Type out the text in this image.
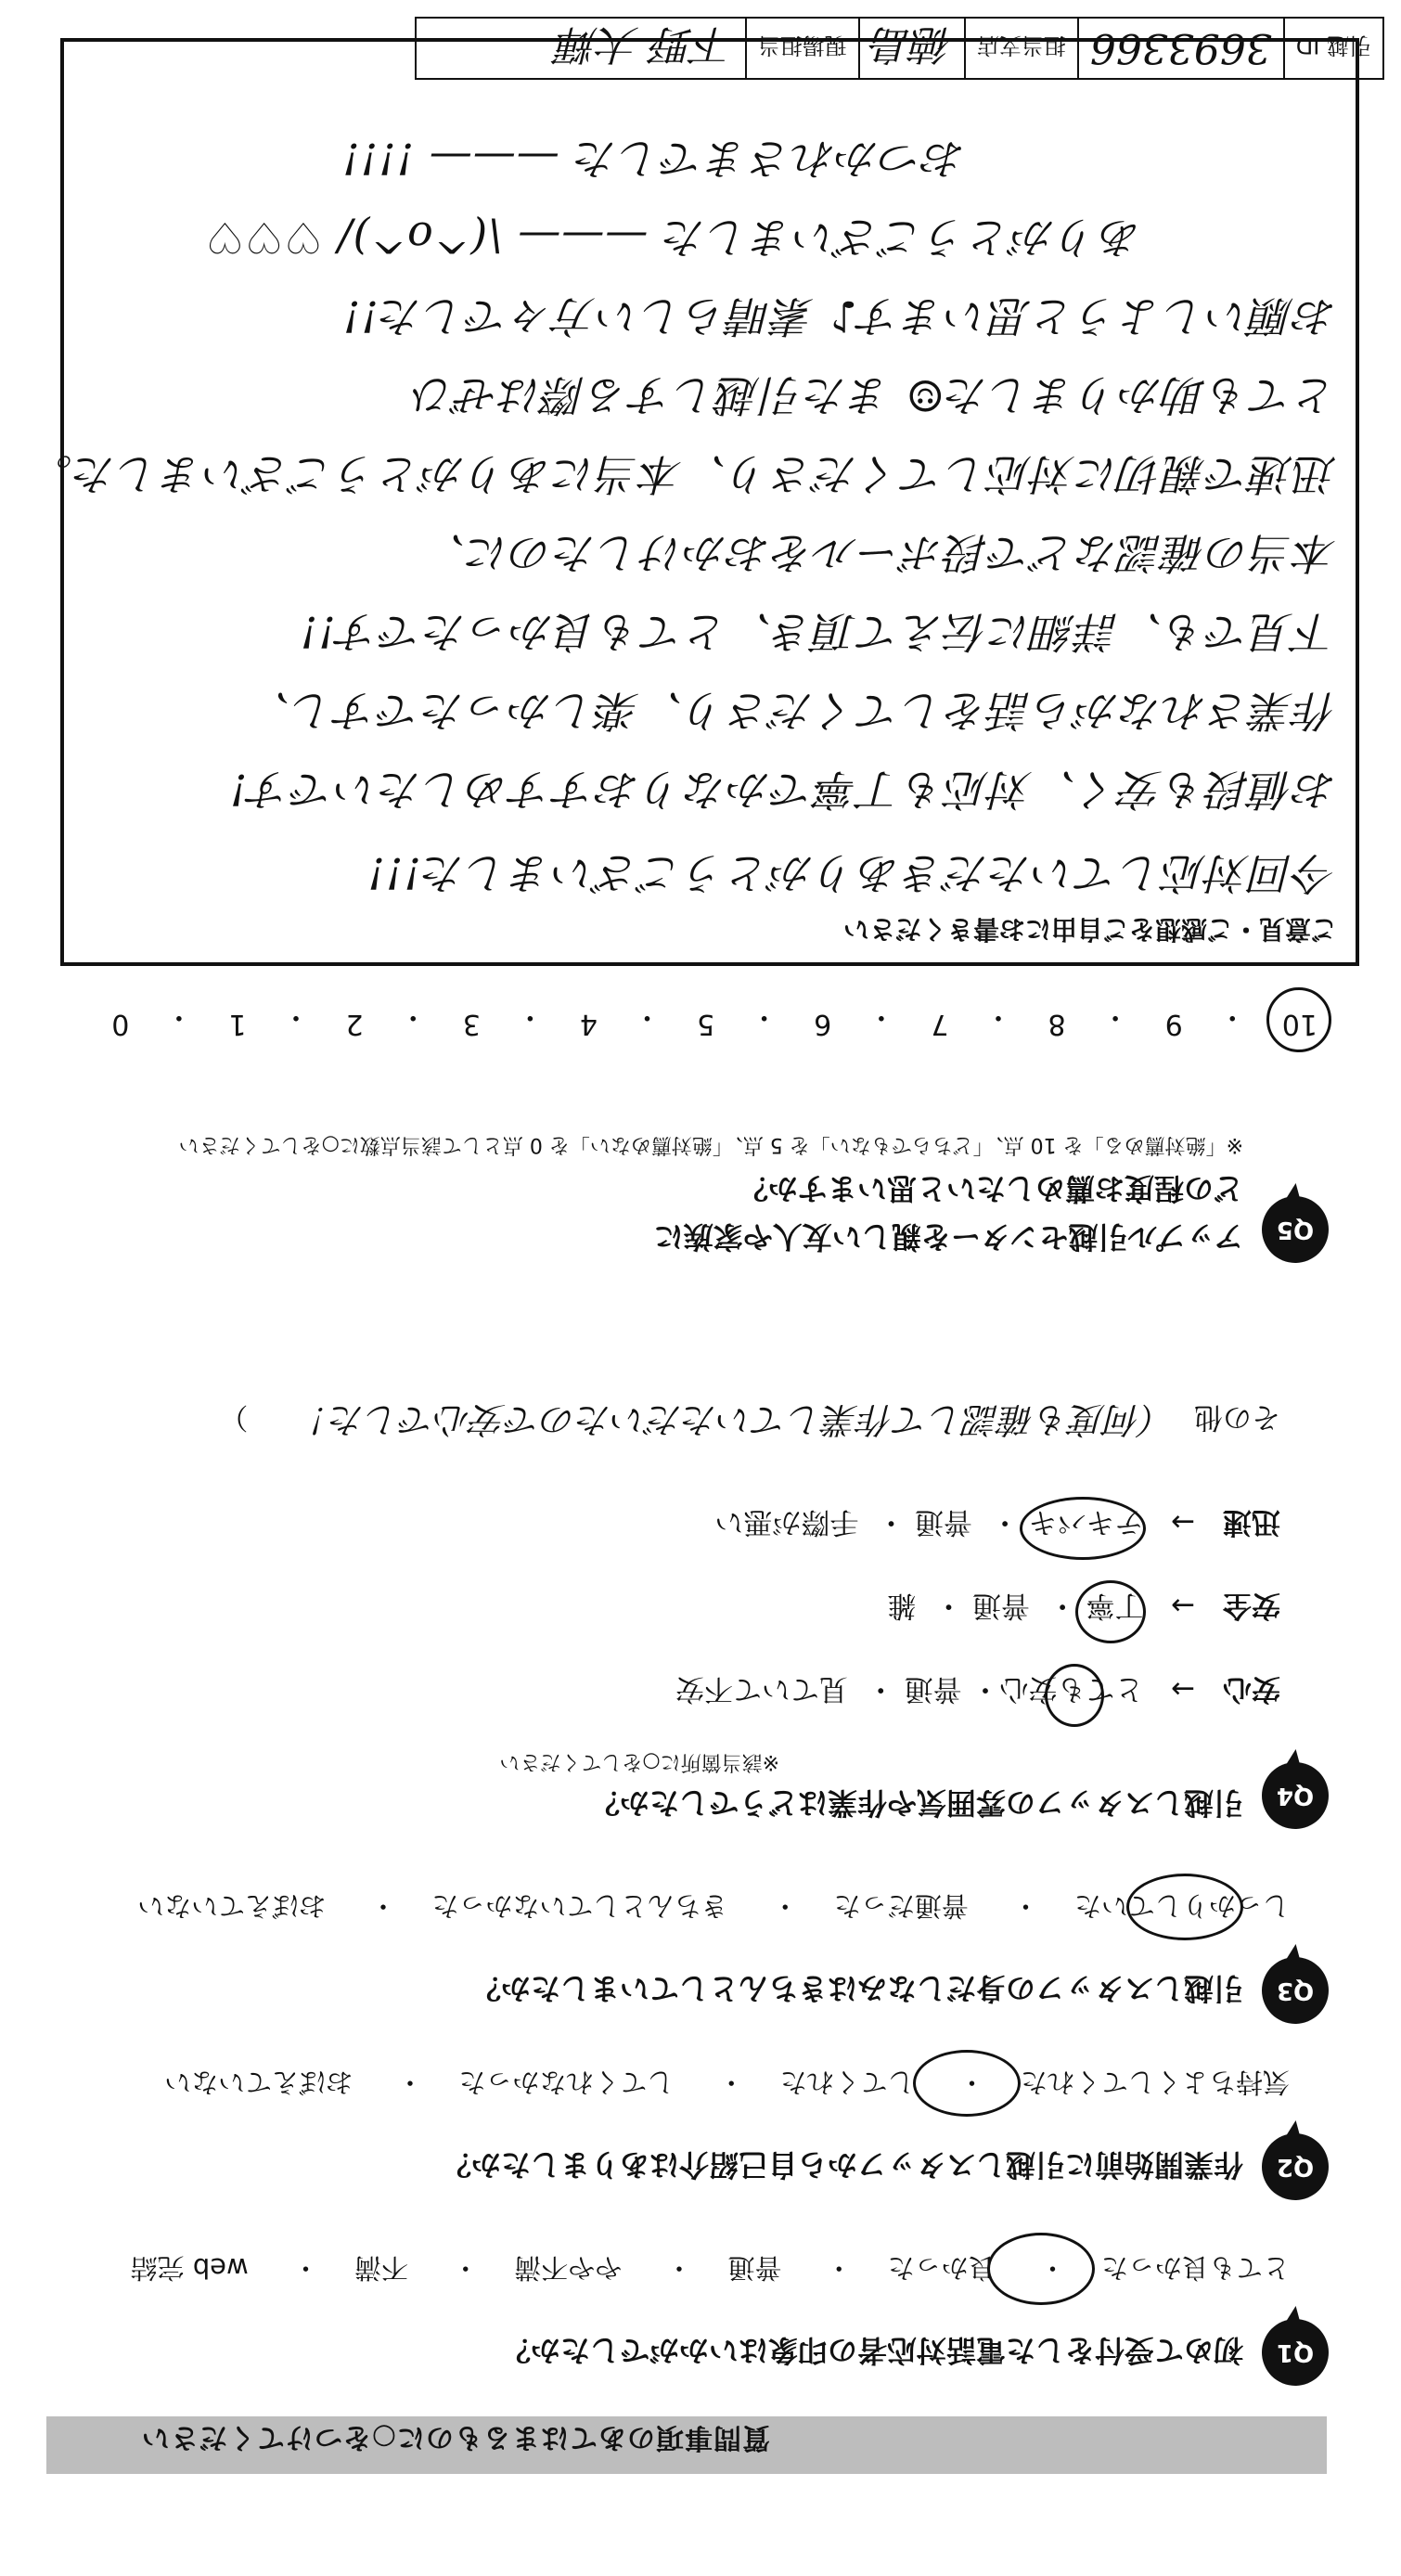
質問事項のあてはまるものに○をつけてください
Q1
初めて受付をした電話対応者の印象はいかがでしたか？
とても良かった・ 良かった・ 普通・ やや不満・ 不満・ web 完結
Q2
作業開始前に引越しスタッフから自己紹介はありましたか？
気持ちよくしてくれた・ してくれた・ してくれなかった・ おぼえていない
Q3
引越しスタッフの身だしなみはきちんとしていましたか？
しっかりしていた・ 普通だった・ きちんとしていなかった・ おぼえていない
Q4
引越しスタッフの雰囲気や作業はどうでしたか？
※該当箇所に○をしてください
安心→   とても安心・ 普通 ・  見ていて不安
安全→   丁寧 ・  普通 ・  雑
迅速→   テキパキ ・  普通 ・  手際が悪い
その他  （何度も確認して作業していただいたので安心でした！ ）
Q5
アップル引越センターを親しい友人や家族に
どの程度お薦めしたいと思いますか？
※「絶対薦める」を 10 点、「どちらでもない」を 5 点、「絶対薦めない」を 0 点として該当点数に○をしてください
10
・
9
・
8
・
7
・
6
・
5
・
4
・
3
・
2
・
1
・
0
ご意見・ご感想をご自由にお書きください
今回対応していただきありがとうございました!!!
お値段も安く、対応も丁寧でかなりおすすめしたいです!
作業されながら話をしてくださり、楽しかったですし、
下見でも、詳細に伝えて頂き、とても良かったです!!
本当の確認などで段ボールをおかけしたのに、
迅速で親切に対応してくださり、本当にありがとうございました。
とても助かりました☺ また引越しする際はぜひ
お願いしようと思います♪ 素晴らしい方々でした!!
ありがとうございました ——— \(^o^)/ ♡♡♡
おつかれさまでした ——— !!!!
引越 ID	3693366	担当支店	徳島	現場担当	下野 大輝
